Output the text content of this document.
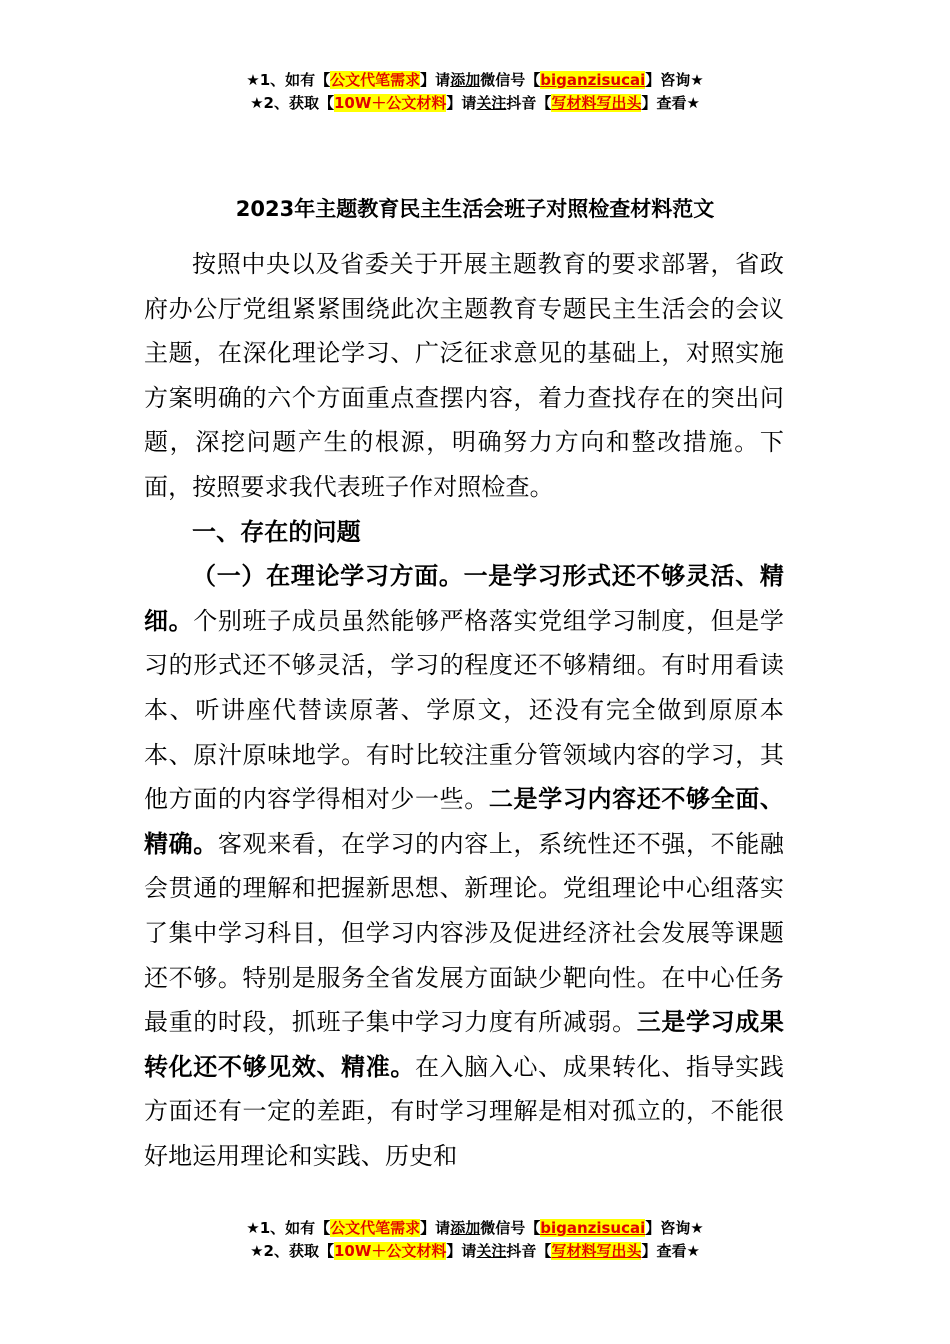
★1、如有【公文代笔需求】请添加微信号【biganzisucai】咨询★
★2、获取【10W＋公文材料】请关注抖音【写材料写出头】查看★
2023年主题教育民主生活会班子对照检查材料范文

按照中央以及省委关于开展主题教育的要求部署，省政府办公厅党组紧紧围绕此次主题教育专题民主生活会的会议主题，在深化理论学习、广泛征求意见的基础上，对照实施方案明确的六个方面重点查摆内容，着力查找存在的突出问题，深挖问题产生的根源，明确努力方向和整改措施。下面，按照要求我代表班子作对照检查。

一、存在的问题

（一）在理论学习方面。一是学习形式还不够灵活、精细。个别班子成员虽然能够严格落实党组学习制度，但是学习的形式还不够灵活，学习的程度还不够精细。有时用看读本、听讲座代替读原著、学原文，还没有完全做到原原本本、原汁原味地学。有时比较注重分管领域内容的学习，其他方面的内容学得相对少一些。二是学习内容还不够全面、精确。客观来看，在学习的内容上，系统性还不强，不能融会贯通的理解和把握新思想、新理论。党组理论中心组落实了集中学习科目，但学习内容涉及促进经济社会发展等课题还不够。特别是服务全省发展方面缺少靶向性。在中心任务最重的时段，抓班子集中学习力度有所减弱。三是学习成果转化还不够见效、精准。在入脑入心、成果转化、指导实践方面还有一定的差距，有时学习理解是相对孤立的，不能很好地运用理论和实践、历史和

★1、如有【公文代笔需求】请添加微信号【biganzisucai】咨询★
★2、获取【10W＋公文材料】请关注抖音【写材料写出头】查看★
